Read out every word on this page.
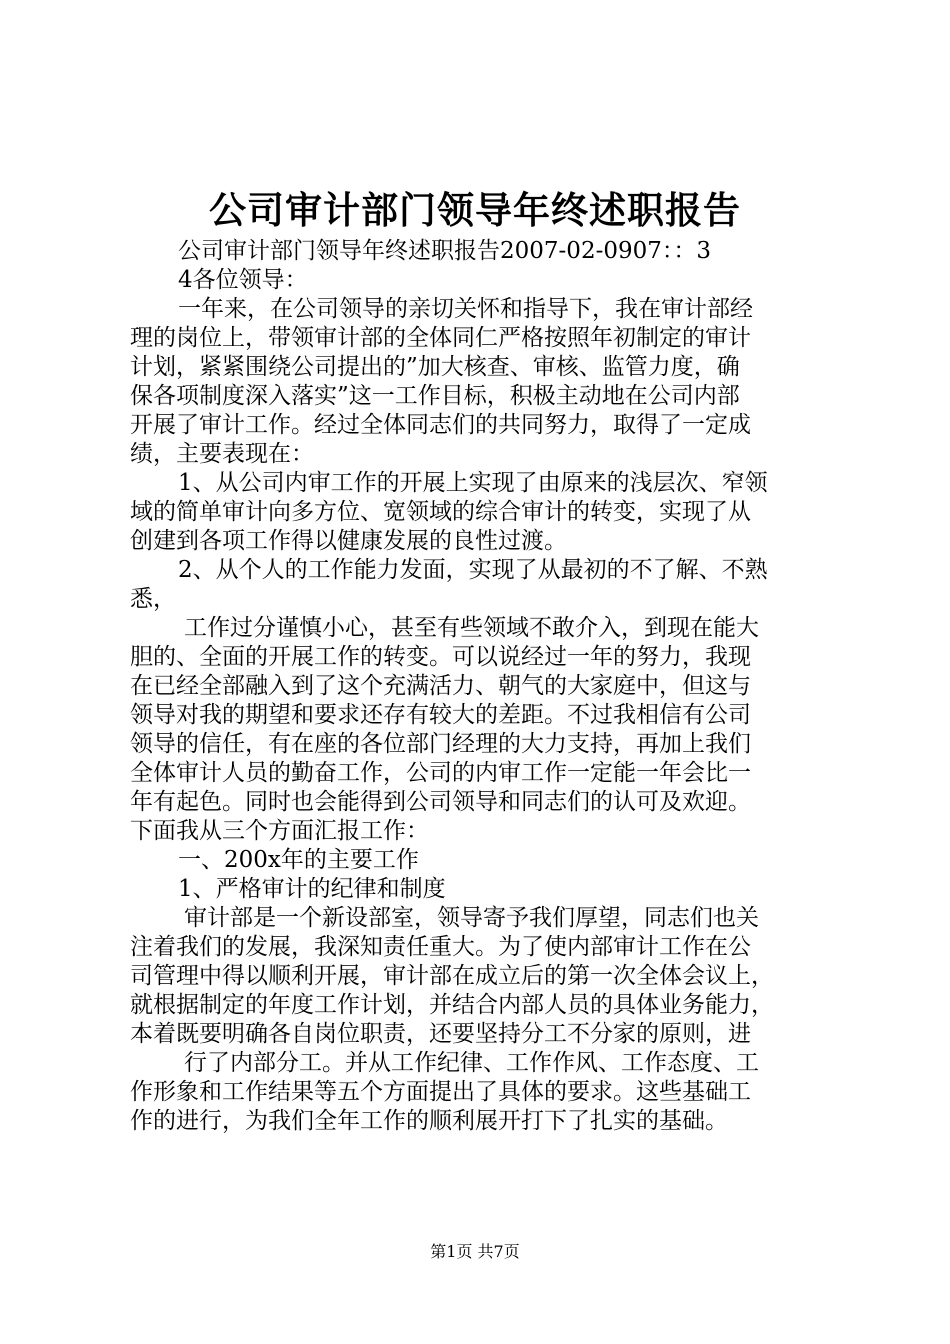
公司审计部门领导年终述职报告
公司审计部门领导年终述职报告2007-02-0907：：3
4各位领导：
一年来，在公司领导的亲切关怀和指导下，我在审计部经
理的岗位上，带领审计部的全体同仁严格按照年初制定的审计
计划，紧紧围绕公司提出的”加大核查、审核、监管力度，确
保各项制度深入落实”这一工作目标，积极主动地在公司内部
开展了审计工作。经过全体同志们的共同努力，取得了一定成
绩，主要表现在：
1、从公司内审工作的开展上实现了由原来的浅层次、窄领
域的简单审计向多方位、宽领域的综合审计的转变，实现了从
创建到各项工作得以健康发展的良性过渡。
2、从个人的工作能力发面，实现了从最初的不了解、不熟
悉，
工作过分谨慎小心，甚至有些领域不敢介入，到现在能大
胆的、全面的开展工作的转变。可以说经过一年的努力，我现
在已经全部融入到了这个充满活力、朝气的大家庭中，但这与
领导对我的期望和要求还存有较大的差距。不过我相信有公司
领导的信任，有在座的各位部门经理的大力支持，再加上我们
全体审计人员的勤奋工作，公司的内审工作一定能一年会比一
年有起色。同时也会能得到公司领导和同志们的认可及欢迎。
下面我从三个方面汇报工作：
一、200x年的主要工作
1、严格审计的纪律和制度
审计部是一个新设部室，领导寄予我们厚望，同志们也关
注着我们的发展，我深知责任重大。为了使内部审计工作在公
司管理中得以顺利开展，审计部在成立后的第一次全体会议上，
就根据制定的年度工作计划，并结合内部人员的具体业务能力，
本着既要明确各自岗位职责，还要坚持分工不分家的原则，进
行了内部分工。并从工作纪律、工作作风、工作态度、工
作形象和工作结果等五个方面提出了具体的要求。这些基础工
作的进行，为我们全年工作的顺利展开打下了扎实的基础。
第1页 共7页
